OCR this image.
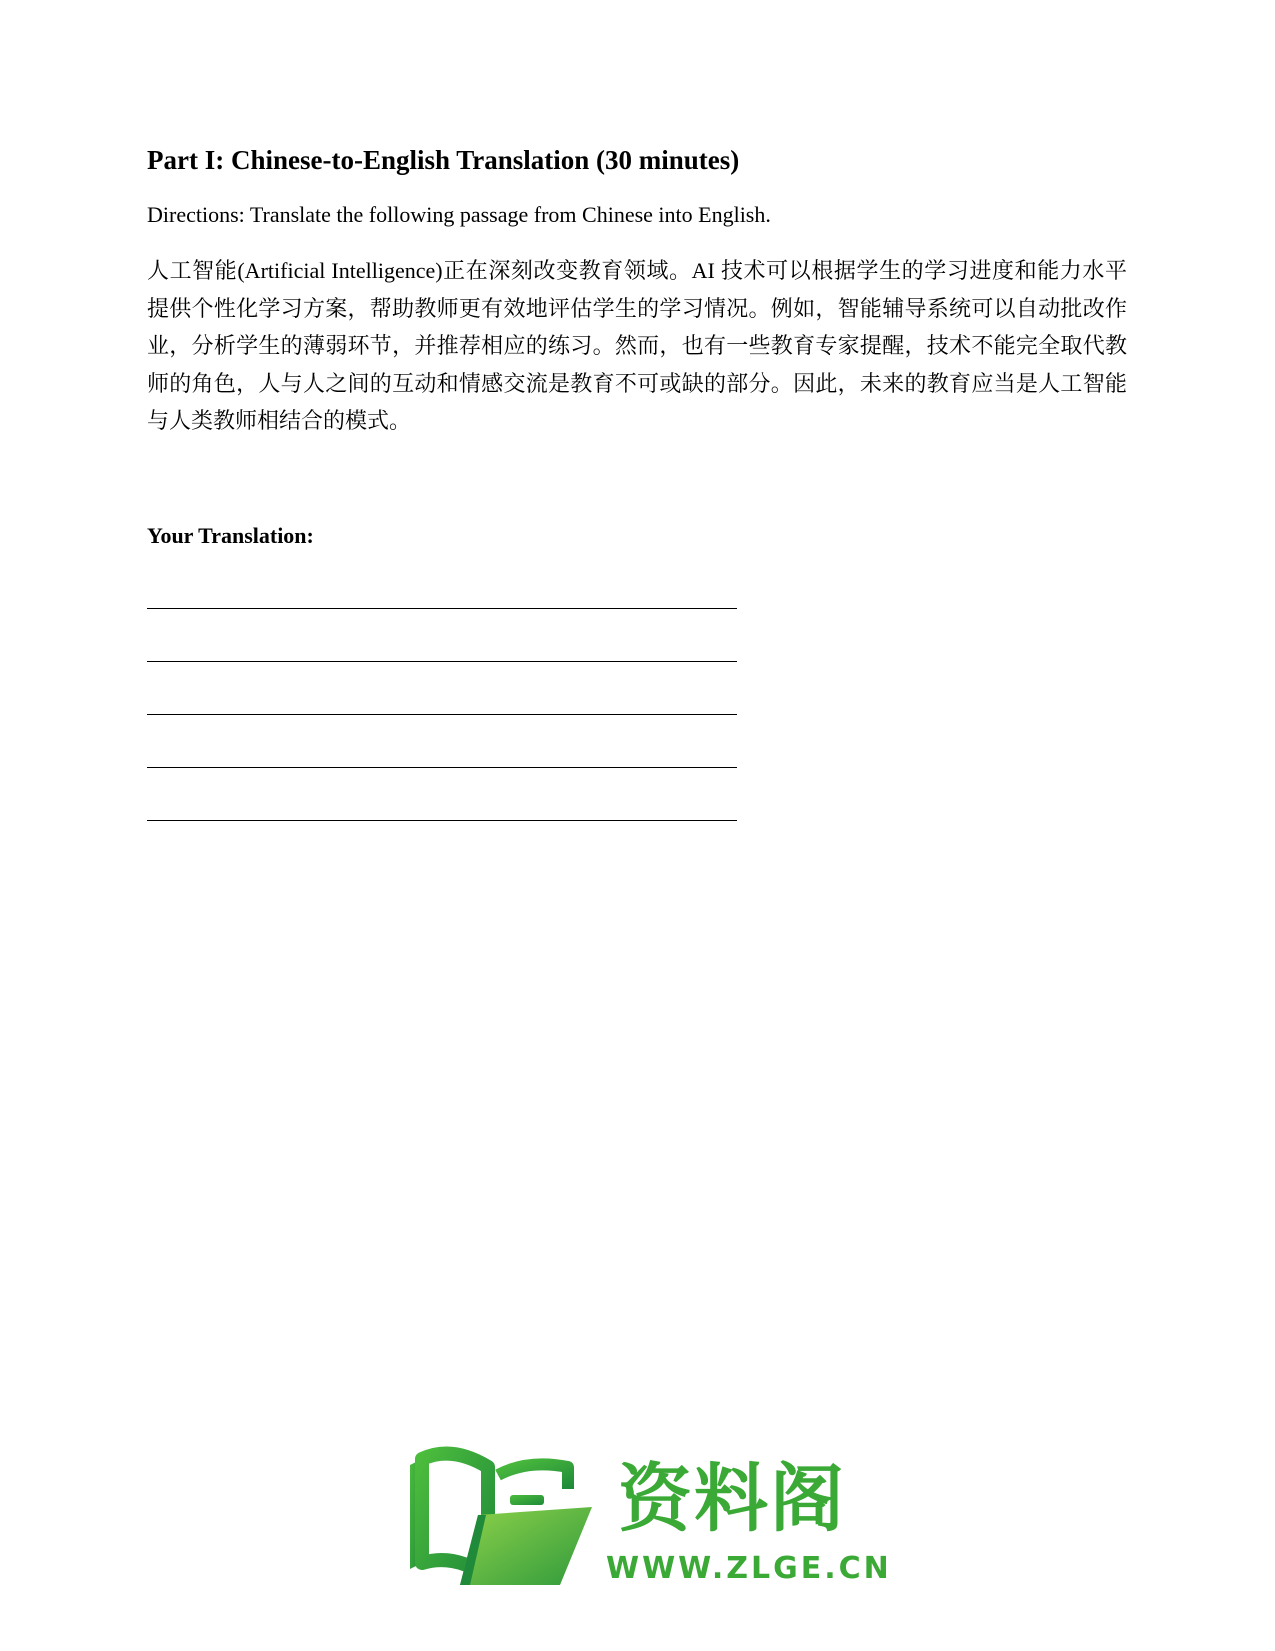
Part I: Chinese-to-English Translation (30 minutes)

Directions: Translate the following passage from Chinese into English.

人工智能(Artificial Intelligence)正在深刻改变教育领域。AI 技术可以根据学生的学习进度和能力水平提供个性化学习方案，帮助教师更有效地评估学生的学习情况。例如，智能辅导系统可以自动批改作业，分析学生的薄弱环节，并推荐相应的练习。然而，也有一些教育专家提醒，技术不能完全取代教师的角色，人与人之间的互动和情感交流是教育不可或缺的部分。因此，未来的教育应当是人工智能与人类教师相结合的模式。

Your Translation:
资料阁
WWW.ZLGE.CN
